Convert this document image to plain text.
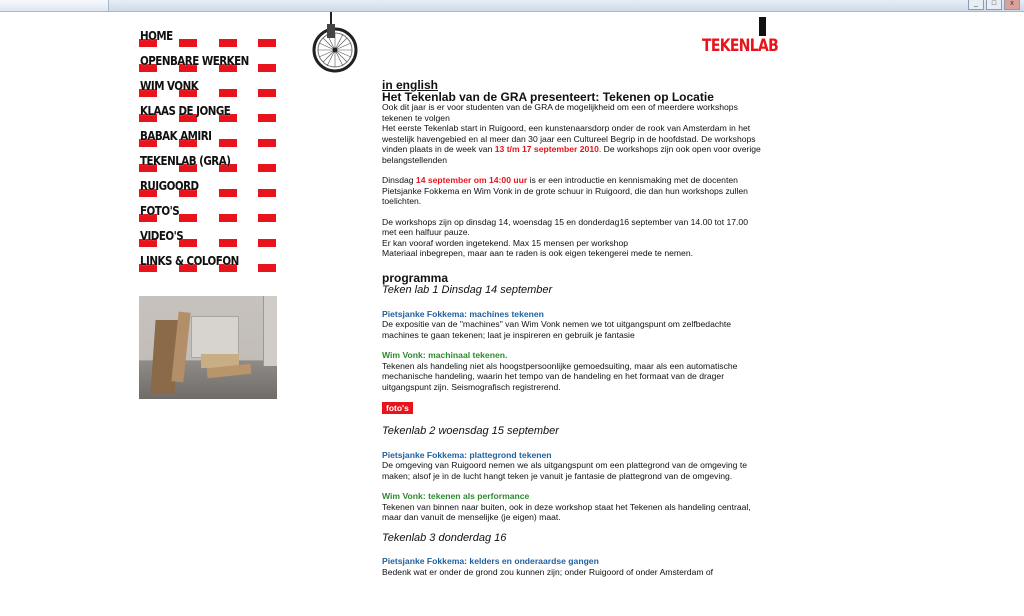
_	□	x
HOME
OPENBARE WERKEN
WIM VONK
KLAAS DE JONGE
BABAK AMIRI
TEKENLAB (GRA)
RUIGOORD
FOTO'S
VIDEO'S
LINKS & COLOFON
TEKENLAB
in english
Het Tekenlab van de GRA presenteert: Tekenen op Locatie

Ook dit jaar is er voor studenten van de GRA de mogelijkheid om een of meerdere workshops tekenen te volgen
Het eerste Tekenlab start in Ruigoord, een kunstenaarsdorp onder de rook van Amsterdam in het westelijk havengebied en al meer dan 30 jaar een Cultureel Begrip in de hoofdstad. De workshops vinden plaats in de week van 13 t/m 17 september 2010. De workshops zijn ook open voor overige belangstellenden

Dinsdag 14 september om 14:00 uur is er een introductie en kennismaking met de docenten Pietsjanke Fokkema en Wim Vonk in de grote schuur in Ruigoord, die dan hun workshops zullen toelichten.

De workshops zijn op dinsdag 14, woensdag 15 en donderdag16 september van 14.00 tot 17.00 met een halfuur pauze.
Er kan vooraf worden ingetekend. Max 15 mensen per workshop
Materiaal inbegrepen, maar aan te raden is ook eigen tekengerei mede te nemen.

programma
Teken lab 1 Dinsdag 14 september

Pietsjanke Fokkema: machines tekenen

De expositie van de "machines" van Wim Vonk nemen we tot uitgangspunt om zelfbedachte machines te gaan tekenen; laat je inspireren en gebruik je fantasie

Wim Vonk: machinaal tekenen.

Tekenen als handeling niet als hoogstpersoonlijke gemoedsuiting, maar als een automatische mechanische handeling, waarin het tempo van de handeling en het formaat van de drager uitgangspunt zijn. Seismografisch registrerend.

foto's
Tekenlab 2 woensdag 15 september

Pietsjanke Fokkema: plattegrond tekenen

De omgeving van Ruigoord nemen we als uitgangspunt om een plattegrond van de omgeving te maken; alsof je in de lucht hangt teken je vanuit je fantasie de plattegrond van de omgeving.

Wim Vonk: tekenen als performance

Tekenen van binnen naar buiten, ook in deze workshop staat het Tekenen als handeling centraal, maar dan vanuit de menselijke (je eigen) maat.

Tekenlab 3 donderdag 16

Pietsjanke Fokkema: kelders en onderaardse gangen

Bedenk wat er onder de grond zou kunnen zijn; onder Ruigoord of onder Amsterdam of
